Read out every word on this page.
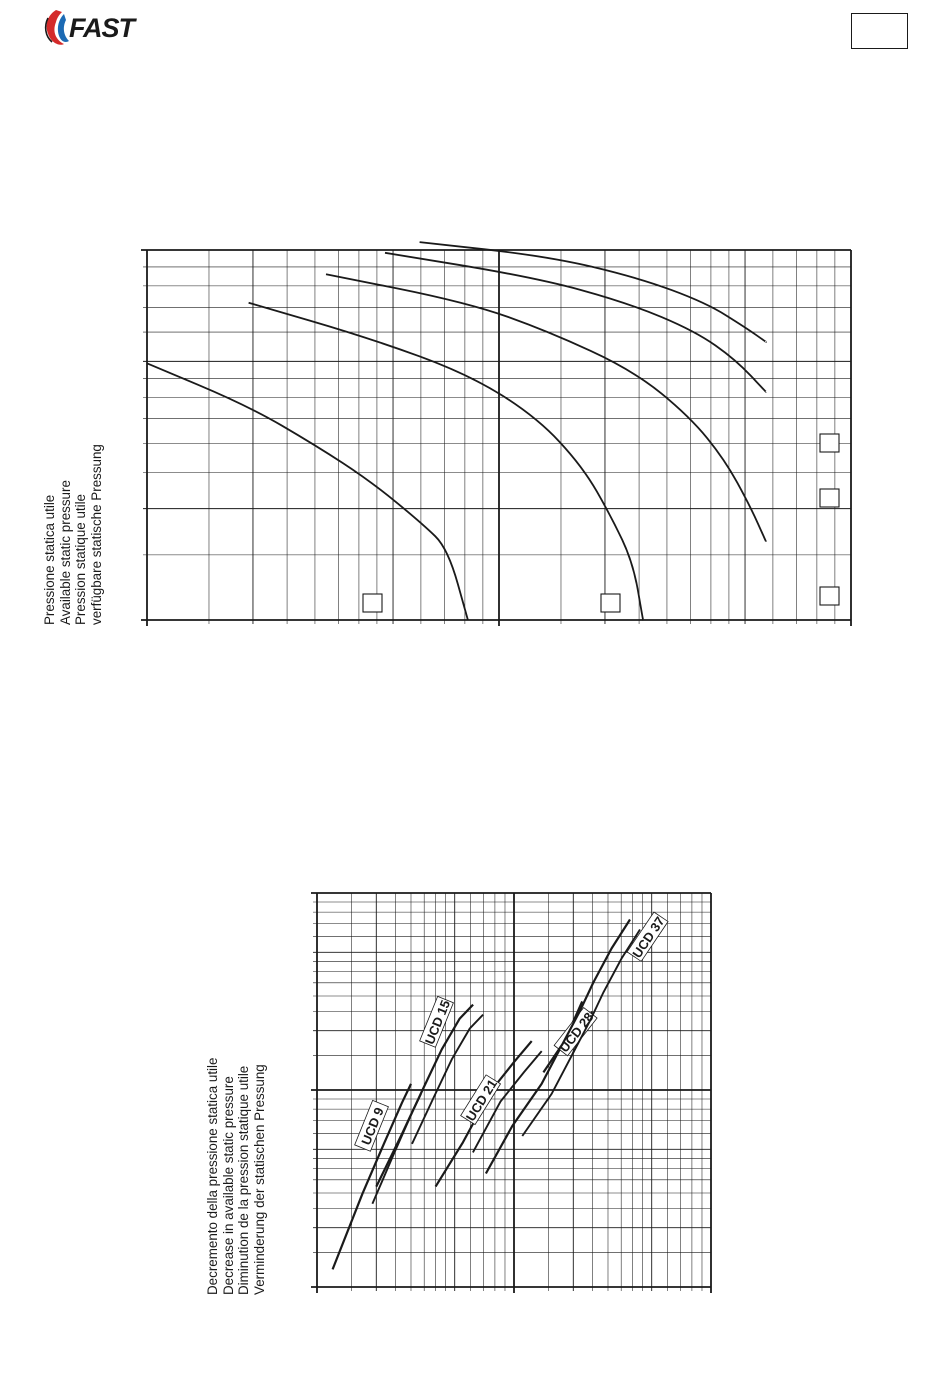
FAST
Pressione statica utile Available static pressure Pression statique utile verfügbare statische Pressung
Decremento della pressione statica utile Decrease in available static pressure Diminution de la pression statique utile Verminderung der statischen Pressung	UCD 9
UCD 15
UCD 21
UCD 28
UCD 37
